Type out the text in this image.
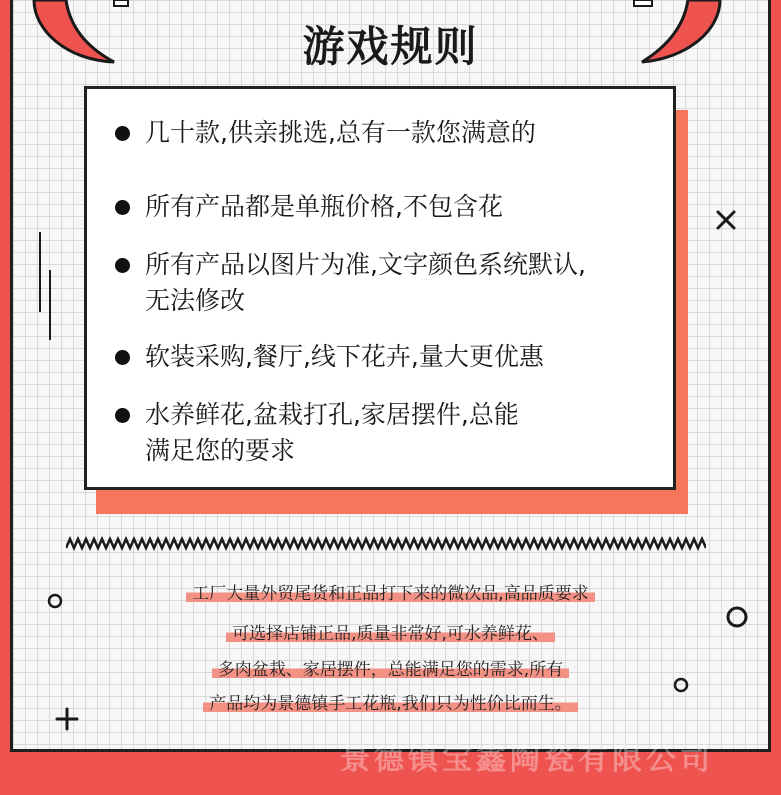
游戏规则
几十款,供亲挑选,总有一款您满意的
所有产品都是单瓶价格,不包含花
所有产品以图片为准,文字颜色系统默认,
无法修改
软装采购,餐厅,线下花卉,量大更优惠
水养鲜花,盆栽打孔,家居摆件,总能
满足您的要求
工厂大量外贸尾货和正品打下来的微次品,高品质要求
可选择店铺正品,质量非常好,可水养鲜花、
多肉盆栽、家居摆件，总能满足您的需求,所有
产品均为景德镇手工花瓶,我们只为性价比而生。
景德镇宝鑫陶瓷有限公司
